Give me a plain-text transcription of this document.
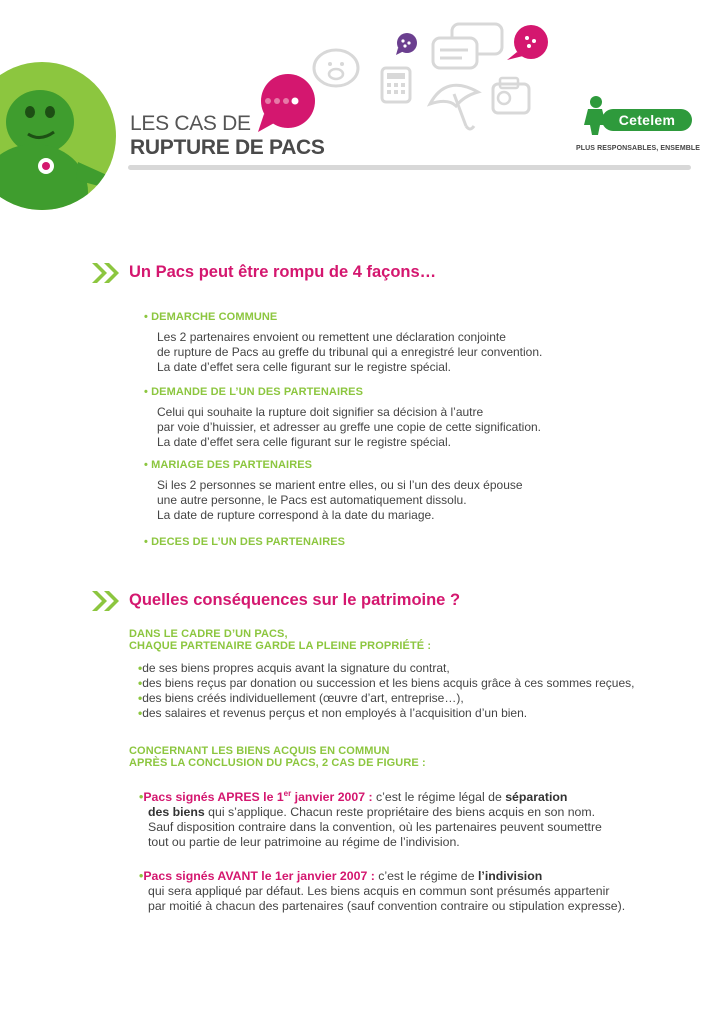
LES CAS DE
RUPTURE DE PACS
Cetelem
PLUS RESPONSABLES, ENSEMBLE
Un Pacs peut être rompu de 4 façons…
• DEMARCHE COMMUNE
Les 2 partenaires envoient ou remettent une déclaration conjointe
de rupture de Pacs au greffe du tribunal qui a enregistré leur convention.
La date d’effet sera celle figurant sur le registre spécial.
• DEMANDE DE L’UN DES PARTENAIRES
Celui qui souhaite la rupture doit signifier sa décision à l’autre
par voie d’huissier, et adresser au greffe une copie de cette signification.
La date d’effet sera celle figurant sur le registre spécial.
• MARIAGE DES PARTENAIRES
Si les 2 personnes se marient entre elles, ou si l’un des deux épouse
une autre personne, le Pacs est automatiquement dissolu.
La date de rupture correspond à la date du mariage.
• DECES DE L’UN DES PARTENAIRES
Quelles conséquences sur le patrimoine ?
DANS LE CADRE D’UN PACS,
CHAQUE PARTENAIRE GARDE LA PLEINE PROPRIÉTÉ :
•de ses biens propres acquis avant la signature du contrat,
•des biens reçus par donation ou succession et les biens acquis grâce à ces sommes reçues,
•des biens créés individuellement (œuvre d’art, entreprise…),
•des salaires et revenus perçus et non employés à l’acquisition d’un bien.
CONCERNANT LES BIENS ACQUIS EN COMMUN
APRÈS LA CONCLUSION DU PACS, 2 CAS DE FIGURE :
•Pacs signés APRES le 1er janvier 2007 : c’est le régime légal de séparation
des biens qui s’applique. Chacun reste propriétaire des biens acquis en son nom.
Sauf disposition contraire dans la convention, où les partenaires peuvent soumettre
tout ou partie de leur patrimoine au régime de l’indivision.
•Pacs signés AVANT le 1er janvier 2007 : c’est le régime de l’indivision
qui sera appliqué par défaut. Les biens acquis en commun sont présumés appartenir
par moitié à chacun des partenaires (sauf convention contraire ou stipulation expresse).
